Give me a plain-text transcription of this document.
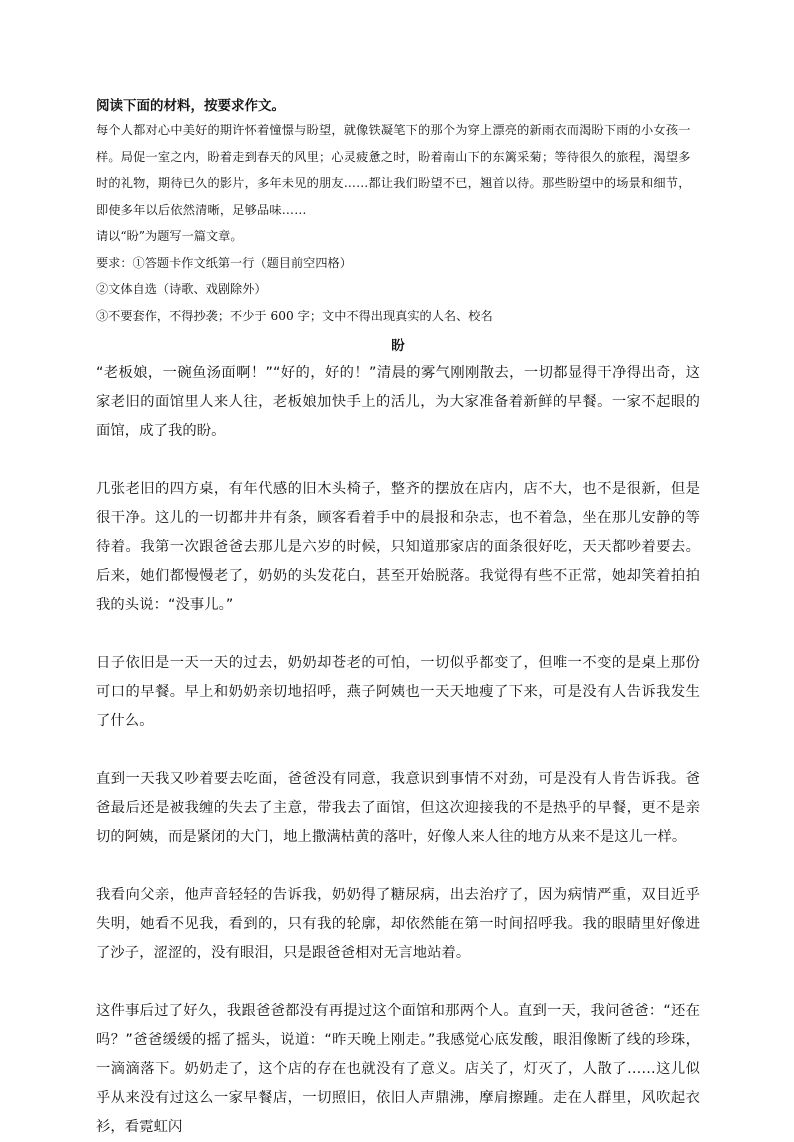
阅读下面的材料，按要求作文。

每个人都对心中美好的期许怀着憧憬与盼望，就像铁凝笔下的那个为穿上漂亮的新雨衣而渴盼下雨的小女孩一样。局促一室之内，盼着走到春天的风里；心灵疲惫之时，盼着南山下的东篱采菊；等待很久的旅程，渴望多时的礼物，期待已久的影片，多年未见的朋友……都让我们盼望不已，翘首以待。那些盼望中的场景和细节，即使多年以后依然清晰，足够品味……

请以“盼”为题写一篇文章。

要求：①答题卡作文纸第一行（题目前空四格）

②文体自选（诗歌、戏剧除外）

③不要套作，不得抄袭；不少于 600 字；文中不得出现真实的人名、校名

盼

“老板娘，一碗鱼汤面啊！”“好的，好的！”清晨的雾气刚刚散去，一切都显得干净得出奇，这家老旧的面馆里人来人往，老板娘加快手上的活儿，为大家准备着新鲜的早餐。一家不起眼的面馆，成了我的盼。

几张老旧的四方桌，有年代感的旧木头椅子，整齐的摆放在店内，店不大，也不是很新，但是很干净。这儿的一切都井井有条，顾客看着手中的晨报和杂志，也不着急，坐在那儿安静的等待着。我第一次跟爸爸去那儿是六岁的时候，只知道那家店的面条很好吃，天天都吵着要去。后来，她们都慢慢老了，奶奶的头发花白，甚至开始脱落。我觉得有些不正常，她却笑着拍拍我的头说：“没事儿。”

日子依旧是一天一天的过去，奶奶却苍老的可怕，一切似乎都变了，但唯一不变的是桌上那份可口的早餐。早上和奶奶亲切地招呼，燕子阿姨也一天天地瘦了下来，可是没有人告诉我发生了什么。

直到一天我又吵着要去吃面，爸爸没有同意，我意识到事情不对劲，可是没有人肯告诉我。爸爸最后还是被我缠的失去了主意，带我去了面馆，但这次迎接我的不是热乎的早餐，更不是亲切的阿姨，而是紧闭的大门，地上撒满枯黄的落叶，好像人来人往的地方从来不是这儿一样。

我看向父亲，他声音轻轻的告诉我，奶奶得了糖尿病，出去治疗了，因为病情严重，双目近乎失明，她看不见我，看到的，只有我的轮廓，却依然能在第一时间招呼我。我的眼睛里好像进了沙子，涩涩的，没有眼泪，只是跟爸爸相对无言地站着。

这件事后过了好久，我跟爸爸都没有再提过这个面馆和那两个人。直到一天，我问爸爸：“还在吗？”爸爸缓缓的摇了摇头，说道：“昨天晚上刚走。”我感觉心底发酸，眼泪像断了线的珍珠，一滴滴落下。奶奶走了，这个店的存在也就没有了意义。店关了，灯灭了，人散了……这儿似乎从来没有过这么一家早餐店，一切照旧，依旧人声鼎沸，摩肩擦踵。走在人群里，风吹起衣衫，看霓虹闪
